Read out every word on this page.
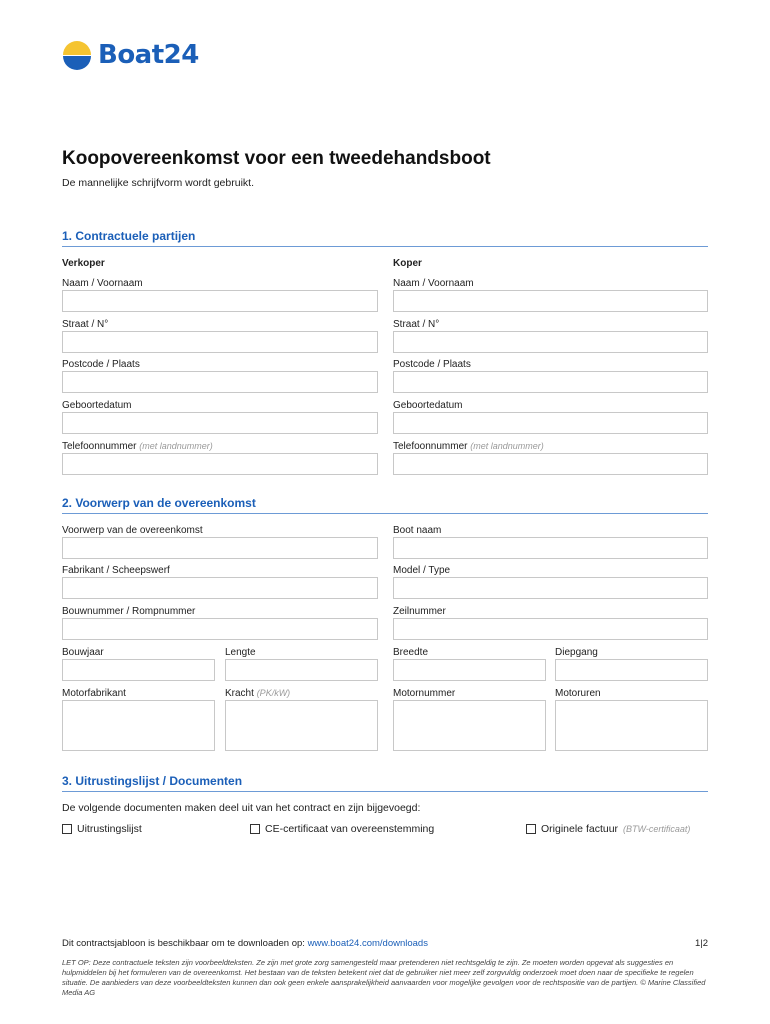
Boat24
Koopovereenkomst voor een tweedehandsboot
De mannelijke schrijfvorm wordt gebruikt.
1. Contractuele partijen
Verkoper	Koper
Naam / Voornaam	Naam / Voornaam
Straat / N°	Straat / N°
Postcode / Plaats	Postcode / Plaats
Geboortedatum	Geboortedatum
Telefoonnummer (met landnummer)	Telefoonnummer (met landnummer)
2. Voorwerp van de overeenkomst
Voorwerp van de overeenkomst	Boot naam
Fabrikant / Scheepswerf	Model / Type
Bouwnummer / Rompnummer	Zeilnummer
Bouwjaar	Lengte	Breedte	Diepgang
Motorfabrikant	Kracht (PK/kW)	Motornummer	Motoruren
3. Uitrustingslijst / Documenten
De volgende documenten maken deel uit van het contract en zijn bijgevoegd:
Uitrustingslijst	CE-certificaat van overeenstemming	Originele factuur (BTW-certificaat)
Dit contractsjabloon is beschikbaar om te downloaden op: www.boat24.com/downloads	1|2
LET OP: Deze contractuele teksten zijn voorbeeldteksten. Ze zijn met grote zorg samengesteld maar pretenderen niet rechtsgeldig te zijn. Ze moeten worden opgevat als suggesties en hulpmiddelen bij het formuleren van de overeenkomst. Het bestaan van de teksten betekent niet dat de gebruiker niet meer zelf zorgvuldig onderzoek moet doen naar de specifieke te regelen situatie. De aanbieders van deze voorbeeldteksten kunnen dan ook geen enkele aansprakelijkheid aanvaarden voor mogelijke gevolgen voor de rechtspositie van de partijen. © Marine Classified Media AG
